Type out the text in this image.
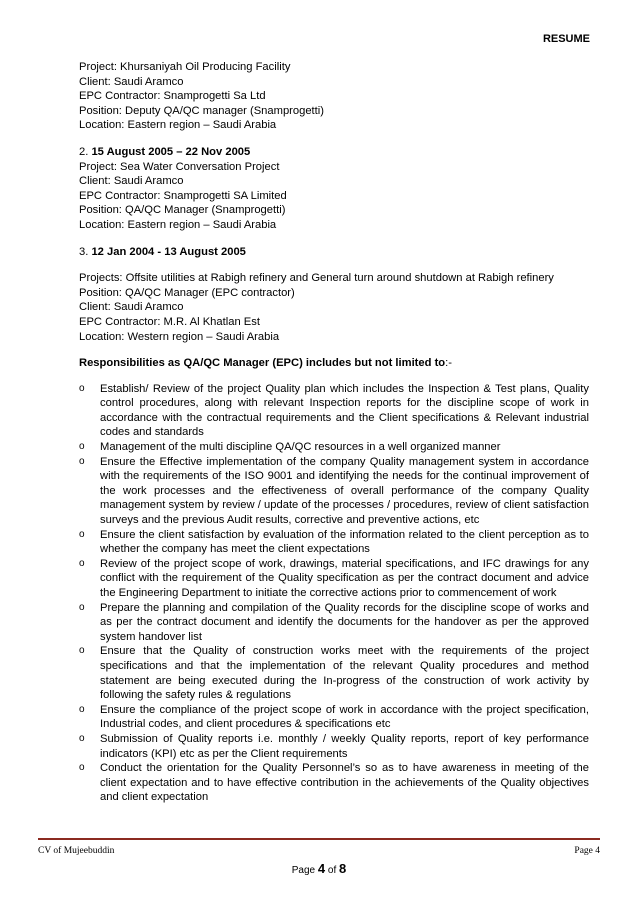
RESUME
Project: Khursaniyah Oil Producing Facility
Client: Saudi Aramco
EPC Contractor: Snamprogetti Sa Ltd
Position: Deputy QA/QC manager (Snamprogetti)
Location: Eastern region – Saudi Arabia
2. 15 August 2005 – 22 Nov 2005
Project: Sea Water Conversation Project
Client: Saudi Aramco
EPC Contractor: Snamprogetti SA Limited
Position: QA/QC Manager (Snamprogetti)
Location: Eastern region – Saudi Arabia
3. 12 Jan 2004 - 13 August 2005
Projects: Offsite utilities at Rabigh refinery and General turn around shutdown at Rabigh refinery
Position: QA/QC Manager (EPC contractor)
Client: Saudi Aramco
EPC Contractor: M.R. Al Khatlan Est
Location: Western region – Saudi Arabia
Responsibilities as QA/QC Manager (EPC) includes but not limited to:-
o Establish/ Review of the project Quality plan which includes the Inspection & Test plans, Quality control procedures, along with relevant Inspection reports for the discipline scope of work in accordance with the contractual requirements and the Client specifications & Relevant industrial codes and standards
o Management of the multi discipline QA/QC resources in a well organized manner
o Ensure the Effective implementation of the company Quality management system in accordance with the requirements of the ISO 9001 and identifying the needs for the continual improvement of the work processes and the effectiveness of overall performance of the company Quality management system by review / update of the processes / procedures, review of client satisfaction surveys and the previous Audit results, corrective and preventive actions, etc
o Ensure the client satisfaction by evaluation of the information related to the client perception as to whether the company has meet the client expectations
o Review of the project scope of work, drawings, material specifications, and IFC drawings for any conflict with the requirement of the Quality specification as per the contract document and advice the Engineering Department to initiate the corrective actions prior to commencement of work
o Prepare the planning and compilation of the Quality records for the discipline scope of works and as per the contract document and identify the documents for the handover as per the approved system handover list
o Ensure that the Quality of construction works meet with the requirements of the project specifications and that the implementation of the relevant Quality procedures and method statement are being executed during the In-progress of the construction of work activity by following the safety rules & regulations
o Ensure the compliance of the project scope of work in accordance with the project specification, Industrial codes, and client procedures & specifications etc
o Submission of Quality reports i.e. monthly / weekly Quality reports, report of key performance indicators (KPI) etc as per the Client requirements
o Conduct the orientation for the Quality Personnel’s so as to have awareness in meeting of the client expectation and to have effective contribution in the achievements of the Quality objectives and client expectation
CV of Mujeebuddin	Page 4
Page 4 of 8
